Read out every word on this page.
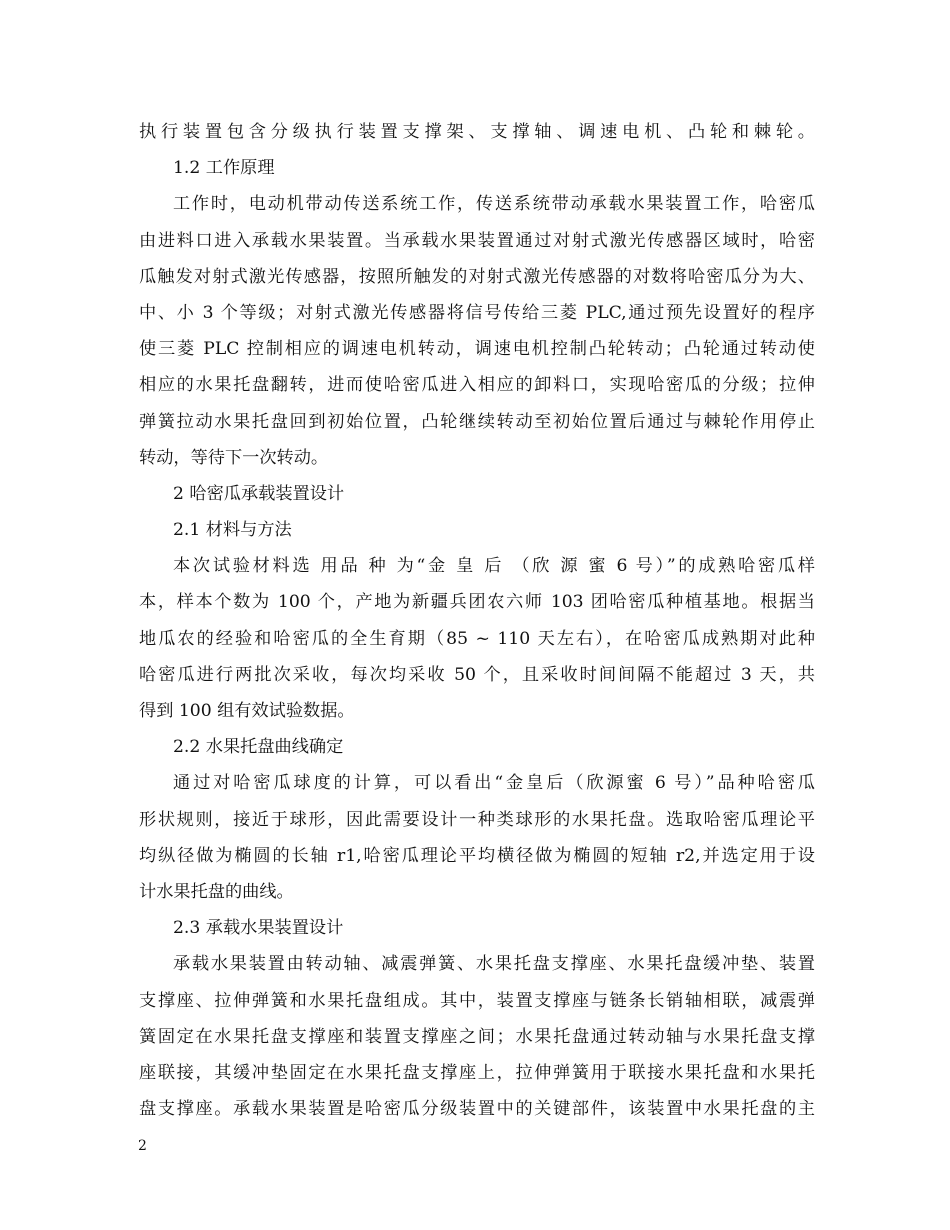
执行装置包含分级执行装置支撑架、支撑轴、调速电机、凸轮和棘轮。
1.2 工作原理
工作时，电动机带动传送系统工作，传送系统带动承载水果装置工作，哈密瓜
由进料口进入承载水果装置。当承载水果装置通过对射式激光传感器区域时，哈密
瓜触发对射式激光传感器，按照所触发的对射式激光传感器的对数将哈密瓜分为大、
中、小 3 个等级；对射式激光传感器将信号传给三菱 PLC,通过预先设置好的程序
使三菱 PLC 控制相应的调速电机转动，调速电机控制凸轮转动；凸轮通过转动使
相应的水果托盘翻转，进而使哈密瓜进入相应的卸料口，实现哈密瓜的分级；拉伸
弹簧拉动水果托盘回到初始位置，凸轮继续转动至初始位置后通过与棘轮作用停止
转动，等待下一次转动。
2 哈密瓜承载装置设计
2.1 材料与方法
本次试验材料选 用品 种 为“金 皇 后 （欣 源 蜜 6 号）”的成熟哈密瓜样
本，样本个数为 100 个，产地为新疆兵团农六师 103 团哈密瓜种植基地。根据当
地瓜农的经验和哈密瓜的全生育期（85 ~ 110 天左右），在哈密瓜成熟期对此种
哈密瓜进行两批次采收，每次均采收 50 个，且采收时间间隔不能超过 3 天，共
得到 100 组有效试验数据。
2.2 水果托盘曲线确定
通过对哈密瓜球度的计算，可以看出“金皇后（欣源蜜 6 号）”品种哈密瓜
形状规则，接近于球形，因此需要设计一种类球形的水果托盘。选取哈密瓜理论平
均纵径做为椭圆的长轴 r1,哈密瓜理论平均横径做为椭圆的短轴 r2,并选定用于设
计水果托盘的曲线。
2.3 承载水果装置设计
承载水果装置由转动轴、减震弹簧、水果托盘支撑座、水果托盘缓冲垫、装置
支撑座、拉伸弹簧和水果托盘组成。其中，装置支撑座与链条长销轴相联，减震弹
簧固定在水果托盘支撑座和装置支撑座之间；水果托盘通过转动轴与水果托盘支撑
座联接，其缓冲垫固定在水果托盘支撑座上，拉伸弹簧用于联接水果托盘和水果托
盘支撑座。承载水果装置是哈密瓜分级装置中的关键部件，该装置中水果托盘的主
2
